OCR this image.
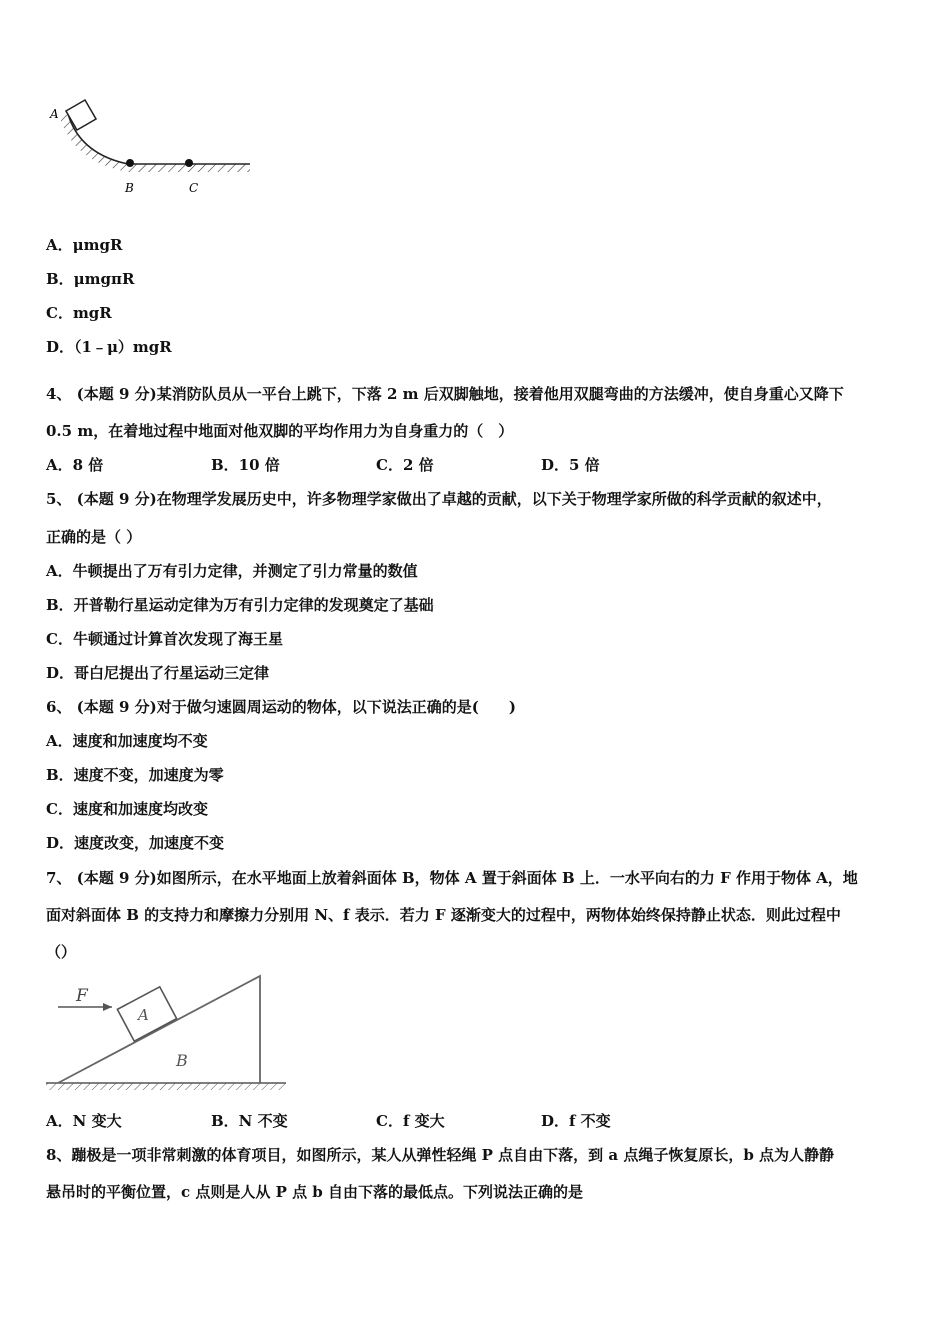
A
B	C
A．μmgR
B．μmgπR
C．mgR
D．（1﹣μ）mgR
4、 (本题 9 分)某消防队员从一平台上跳下，下落 2 m 后双脚触地，接着他用双腿弯曲的方法缓冲，使自身重心又降下
0.5 m，在着地过程中地面对他双脚的平均作用力为自身重力的（　）
A．8 倍	B．10 倍	C．2 倍	D．5 倍
5、 (本题 9 分)在物理学发展历史中，许多物理学家做出了卓越的贡献，以下关于物理学家所做的科学贡献的叙述中，
正确的是（ ）
A．牛顿提出了万有引力定律，并测定了引力常量的数值
B．开普勒行星运动定律为万有引力定律的发现奠定了基础
C．牛顿通过计算首次发现了海王星
D．哥白尼提出了行星运动三定律
6、 (本题 9 分)对于做匀速圆周运动的物体，以下说法正确的是(　　)
A．速度和加速度均不变
B．速度不变，加速度为零
C．速度和加速度均改变
D．速度改变，加速度不变
7、 (本题 9 分)如图所示，在水平地面上放着斜面体 B，物体 A 置于斜面体 B 上．一水平向右的力 F 作用于物体 A，地
面对斜面体 B 的支持力和摩擦力分别用 N、f 表示．若力 F 逐渐变大的过程中，两物体始终保持静止状态．则此过程中
（）
F
A
B
A．N 变大	B．N 不变	C．f 变大	D．f 不变
8、蹦极是一项非常刺激的体育项目，如图所示，某人从弹性轻绳 P 点自由下落，到 a 点绳子恢复原长，b 点为人静静
悬吊时的平衡位置，c 点则是人从 P 点 b 自由下落的最低点。下列说法正确的是
